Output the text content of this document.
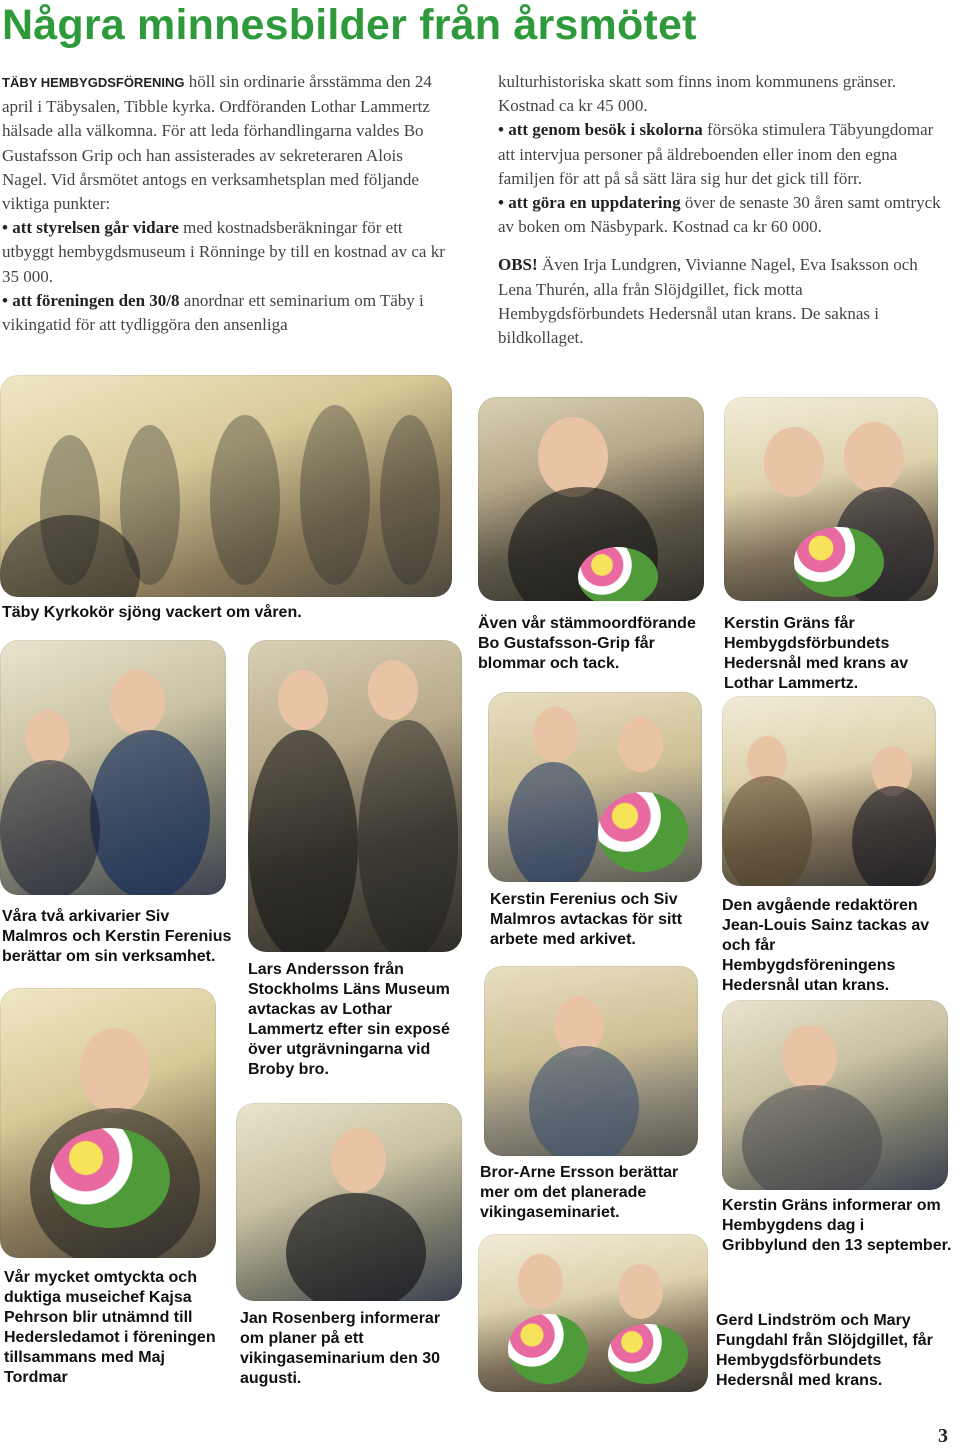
Några minnesbilder från årsmötet

TÄBY HEMBYGDSFÖRENING höll sin ordinarie årsstämma den 24 april i Täbysalen, Tibble kyrka. Ordföranden Lothar Lammertz hälsade alla välkomna. För att leda förhandlingarna valdes Bo Gustafsson Grip och han assisterades av sekreteraren Alois Nagel. Vid årsmötet antogs en verksamhetsplan med följande viktiga punkter:

• att styrelsen går vidare med kostnadsberäkningar för ett utbyggt hembygdsmuseum i Rönninge by till en kostnad av ca kr 35 000.

• att föreningen den 30/8 anordnar ett seminarium om Täby i vikingatid för att tydliggöra den ansenliga

kulturhistoriska skatt som finns inom kommunens gränser. Kostnad ca kr 45 000.

• att genom besök i skolorna försöka stimulera Täbyungdomar att intervjua personer på äldreboenden eller inom den egna familjen för att på så sätt lära sig hur det gick till förr.

• att göra en uppdatering över de senaste 30 åren samt omtryck av boken om Näsbypark. Kostnad ca kr 60 000.

OBS! Även Irja Lundgren, Vivianne Nagel, Eva Isaksson och Lena Thurén, alla från Slöjdgillet, fick motta Hembygdsförbundets Hedersnål utan krans. De saknas i bildkollaget.

Täby Kyrkokör sjöng vackert om våren.

Även vår stämmoordförande Bo Gustafsson-Grip får blommar och tack.

Kerstin Gräns får Hembygdsförbundets Hedersnål med krans av Lothar Lammertz.

Våra två arkivarier Siv Malmros och Kerstin Ferenius berättar om sin verksamhet.

Lars Andersson från Stockholms Läns Museum avtackas av Lothar Lammertz efter sin exposé över utgrävningarna vid Broby bro.

Kerstin Ferenius och Siv Malmros avtackas för sitt arbete med arkivet.

Den avgående redaktören Jean-Louis Sainz tackas av och får Hembygdsföreningens Hedersnål utan krans.

Vår mycket omtyckta och duktiga museichef Kajsa Pehrson blir utnämnd till Hedersledamot i föreningen tillsammans med Maj Tordmar

Jan Rosenberg informerar om planer på ett vikingaseminarium den 30 augusti.

Bror-Arne Ersson berättar mer om det planerade vikingaseminariet.	Kerstin Gräns informerar om Hembygdens dag i Gribbylund den 13 september.

Gerd Lindström och Mary Fungdahl från Slöjdgillet, får Hembygdsförbundets Hedersnål med krans.

3
